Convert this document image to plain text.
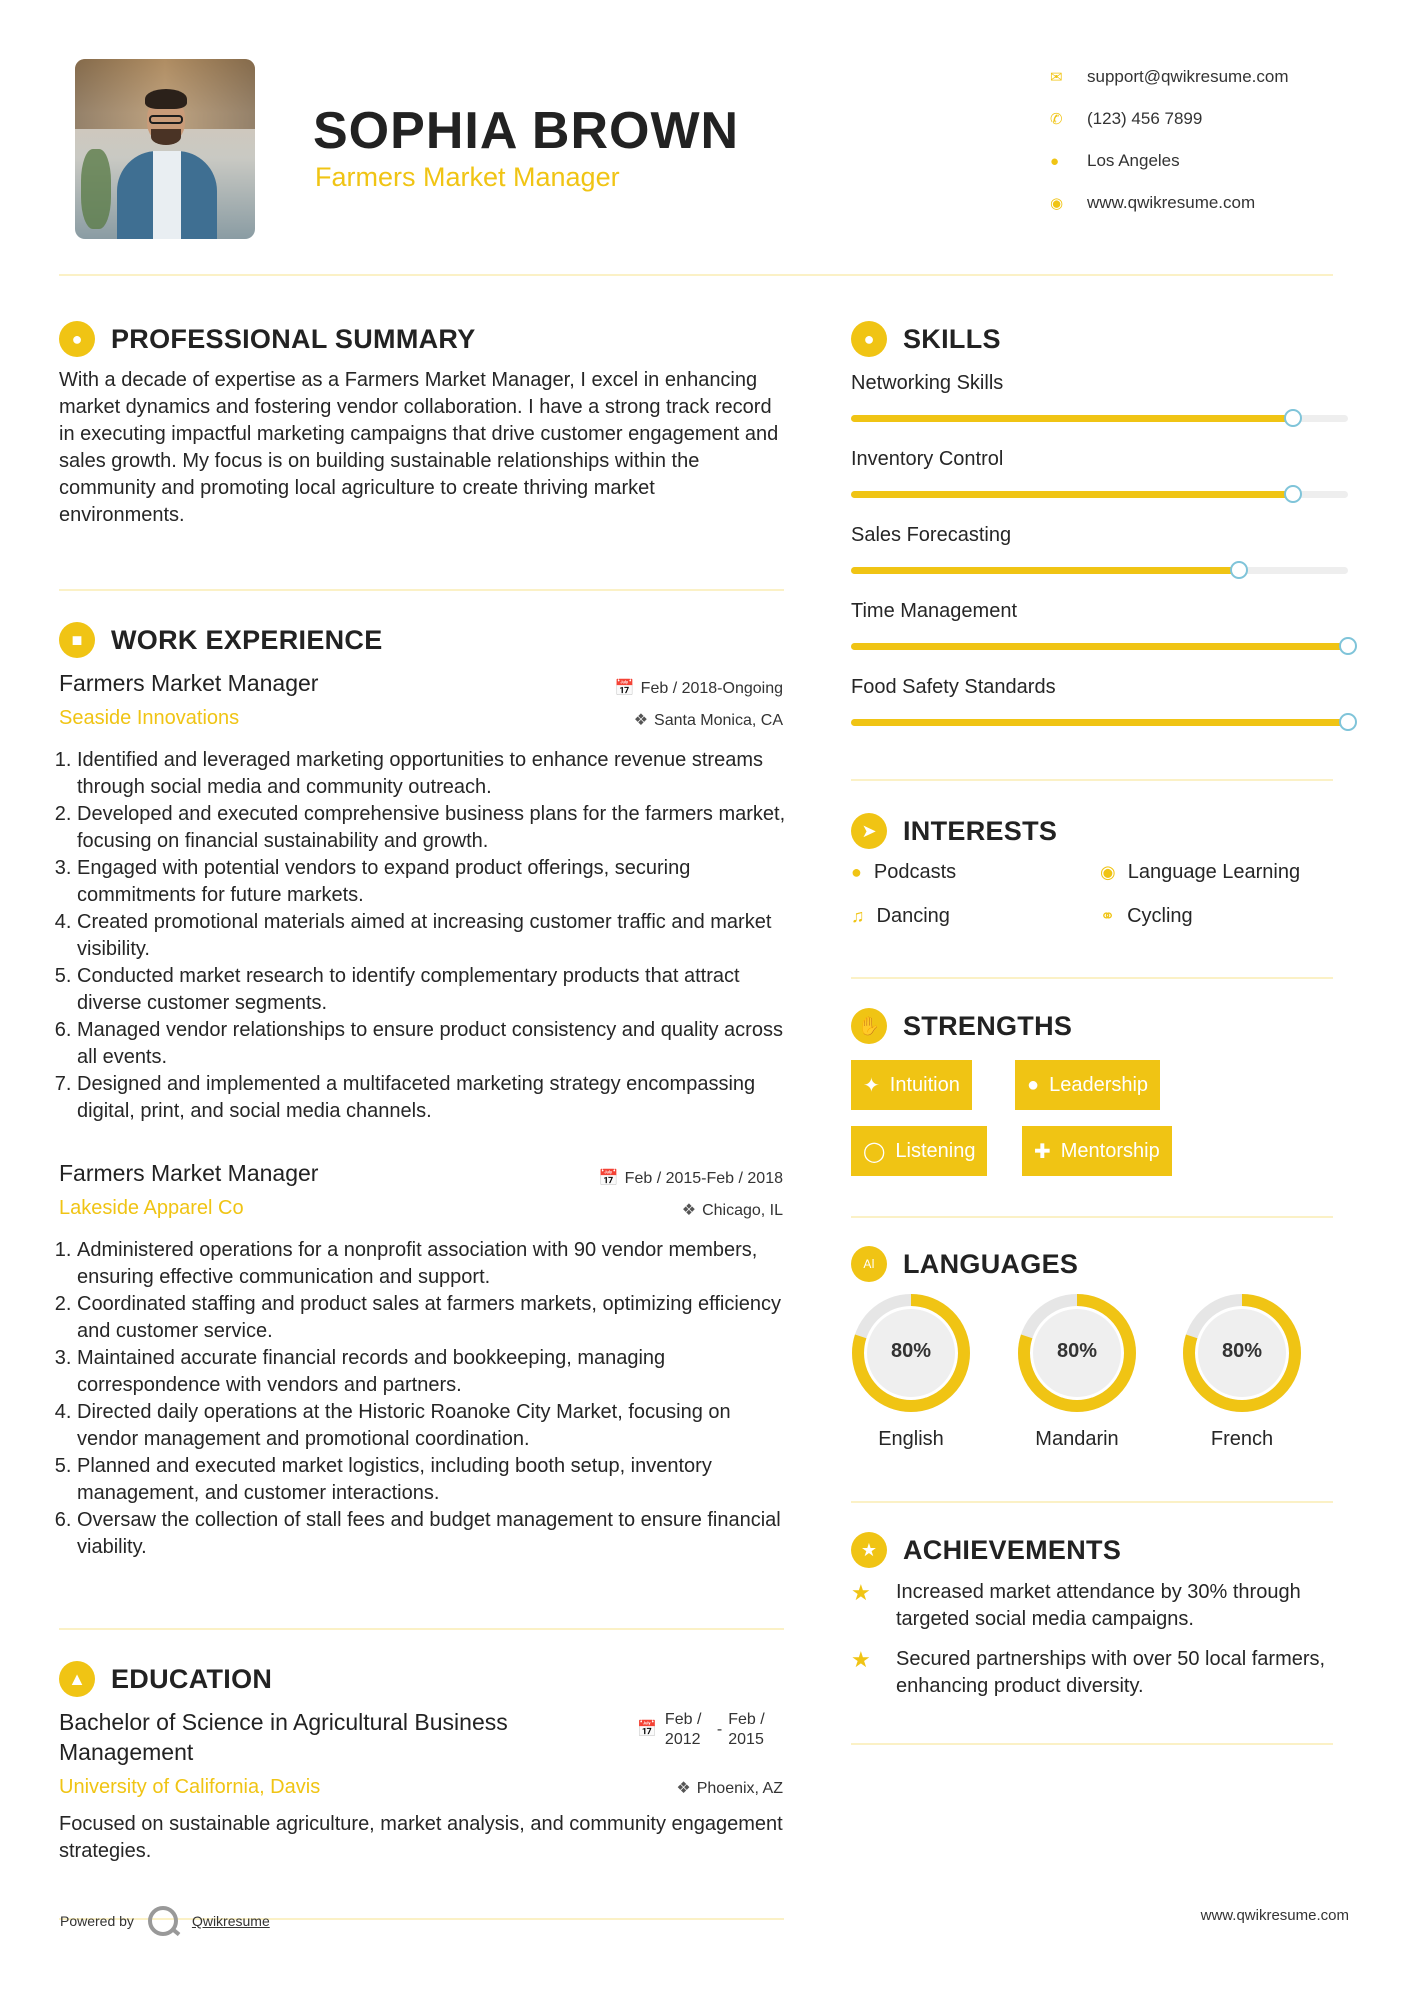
SOPHIA BROWN
Farmers Market Manager
✉	support@qwikresume.com
✆	(123) 456 7899
●	Los Angeles
◉	www.qwikresume.com
●	PROFESSIONAL SUMMARY
With a decade of expertise as a Farmers Market Manager, I excel in enhancing market dynamics and fostering vendor collaboration. I have a strong track record in executing impactful marketing campaigns that drive customer engagement and sales growth. My focus is on building sustainable relationships within the community and promoting local agriculture to create thriving market environments.
■	WORK EXPERIENCE
Farmers Market Manager	📅 Feb / 2018-Ongoing
Seaside Innovations	❖ Santa Monica, CA
1. Identified and leveraged marketing opportunities to enhance revenue streams through social media and community outreach.
2. Developed and executed comprehensive business plans for the farmers market, focusing on financial sustainability and growth.
3. Engaged with potential vendors to expand product offerings, securing commitments for future markets.
4. Created promotional materials aimed at increasing customer traffic and market visibility.
5. Conducted market research to identify complementary products that attract diverse customer segments.
6. Managed vendor relationships to ensure product consistency and quality across all events.
7. Designed and implemented a multifaceted marketing strategy encompassing digital, print, and social media channels.
Farmers Market Manager	📅 Feb / 2015-Feb / 2018
Lakeside Apparel Co	❖ Chicago, IL
1. Administered operations for a nonprofit association with 90 vendor members, ensuring effective communication and support.
2. Coordinated staffing and product sales at farmers markets, optimizing efficiency and customer service.
3. Maintained accurate financial records and bookkeeping, managing correspondence with vendors and partners.
4. Directed daily operations at the Historic Roanoke City Market, focusing on vendor management and promotional coordination.
5. Planned and executed market logistics, including booth setup, inventory management, and customer interactions.
6. Oversaw the collection of stall fees and budget management to ensure financial viability.
▲ EDUCATION
Bachelor of Science in Agricultural Business Management
📅
Feb / 2012
-
Feb / 2015
University of California, Davis	❖ Phoenix, AZ
Focused on sustainable agriculture, market analysis, and community engagement strategies.
●	SKILLS
Networking Skills
Inventory Control
Sales Forecasting
Time Management
Food Safety Standards
➤ INTERESTS
● Podcasts	◉ Language Learning
♫ Dancing	⚭ Cycling
✋ STRENGTHS
✦ Intuition	● Leadership
◯ Listening	✚ Mentorship
Aا	LANGUAGES
80%
English
80%
Mandarin
80%
French
★ ACHIEVEMENTS
★	Increased market attendance by 30% through targeted social media campaigns.
★	Secured partnerships with over 50 local farmers, enhancing product diversity.
Powered by	Qwikresume	www.qwikresume.com
